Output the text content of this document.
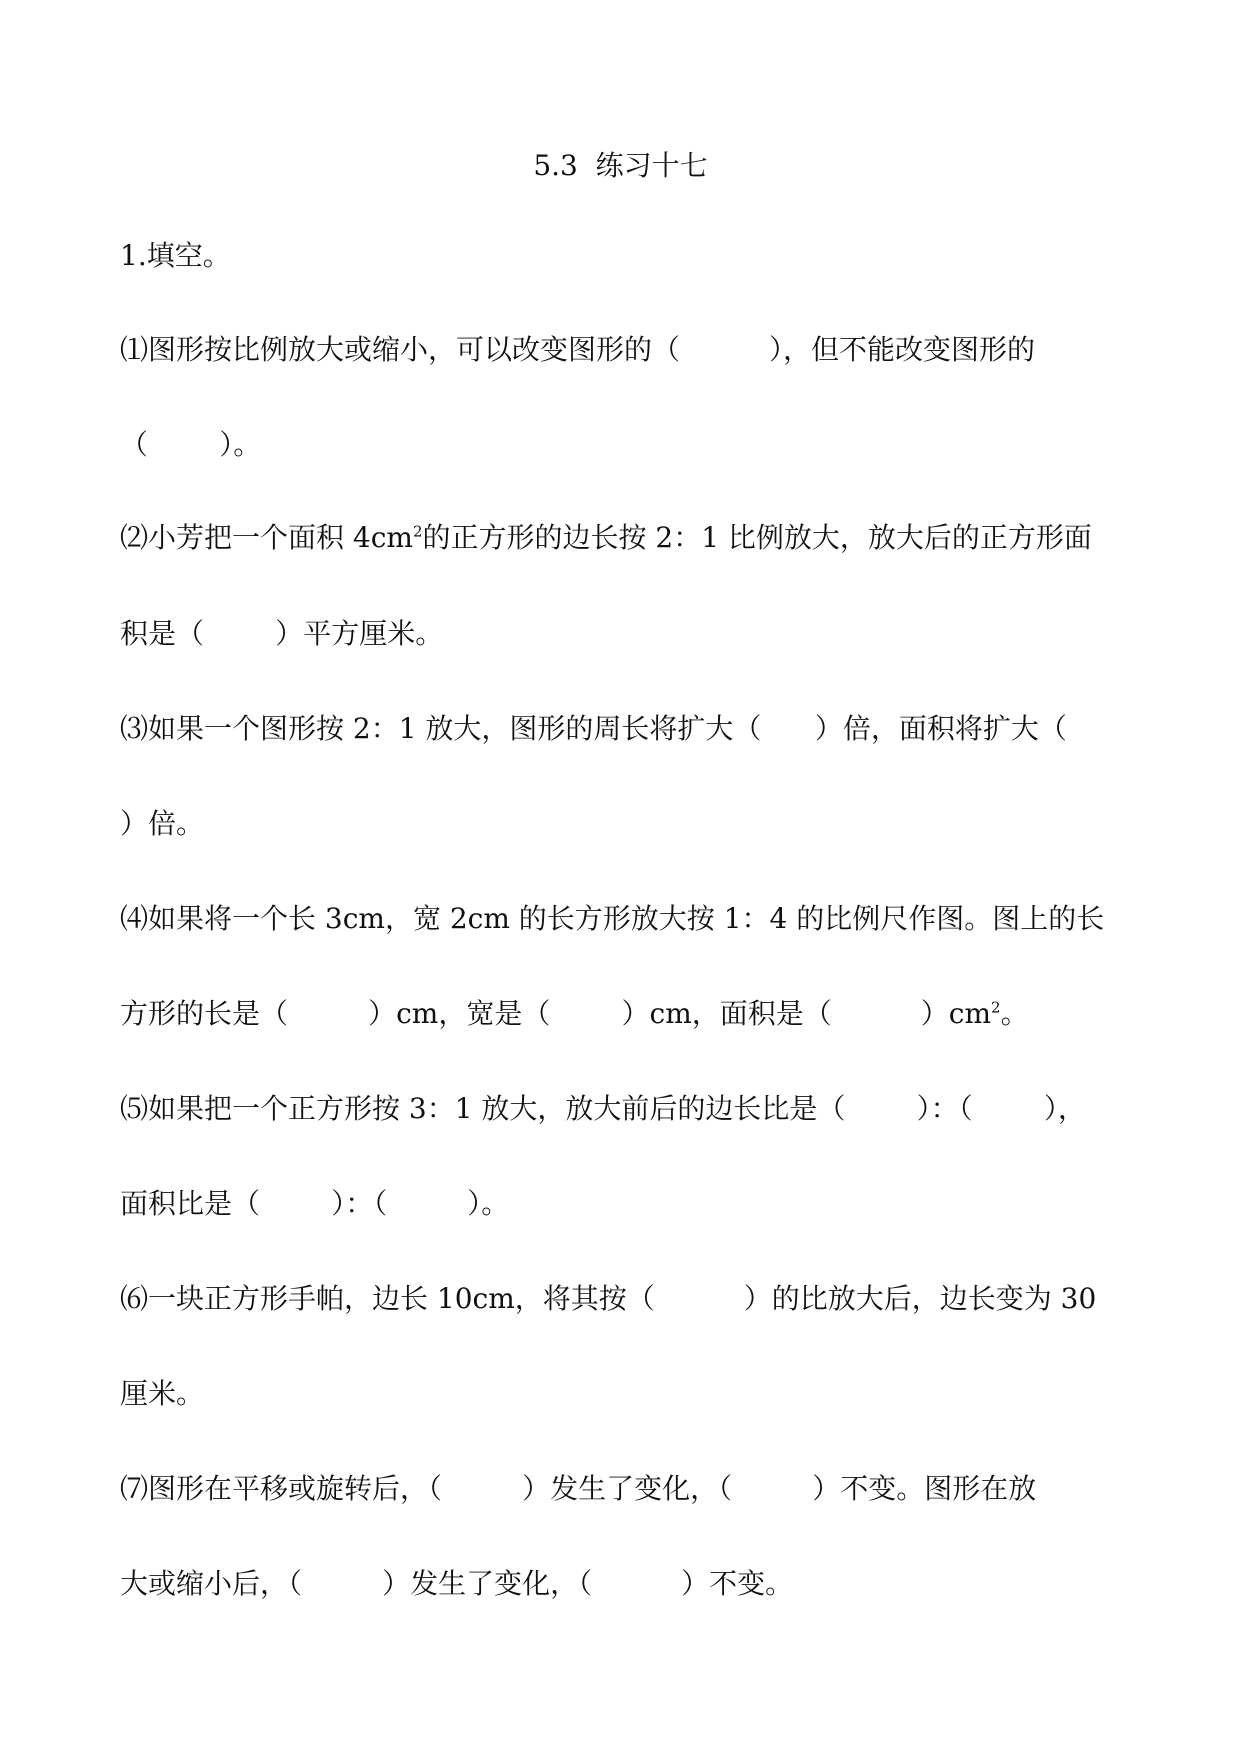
5.3  练习十七
1.填空。
⑴图形按比例放大或缩小，可以改变图形的（          ），但不能改变图形的
（        ）。
⑵小芳把一个面积 $4cm^2$的正方形的边长按 2：1 比例放大，放大后的正方形面
积是（        ）平方厘米。
⑶如果一个图形按 2：1 放大，图形的周长将扩大（      ）倍，面积将扩大（
）倍。
⑷如果将一个长 3cm，宽 2cm 的长方形放大按 1：4 的比例尺作图。图上的长
方形的长是（         ）cm，宽是（        ）cm，面积是（          ）$cm^2$。
⑸如果把一个正方形按 3：1 放大，放大前后的边长比是（        ）：（        ），
面积比是（        ）：（         ）。
⑹一块正方形手帕，边长 10cm，将其按（          ）的比放大后，边长变为 30
厘米。
⑺图形在平移或旋转后，（         ）发生了变化，（         ）不变。图形在放
大或缩小后，（         ）发生了变化，（          ）不变。
